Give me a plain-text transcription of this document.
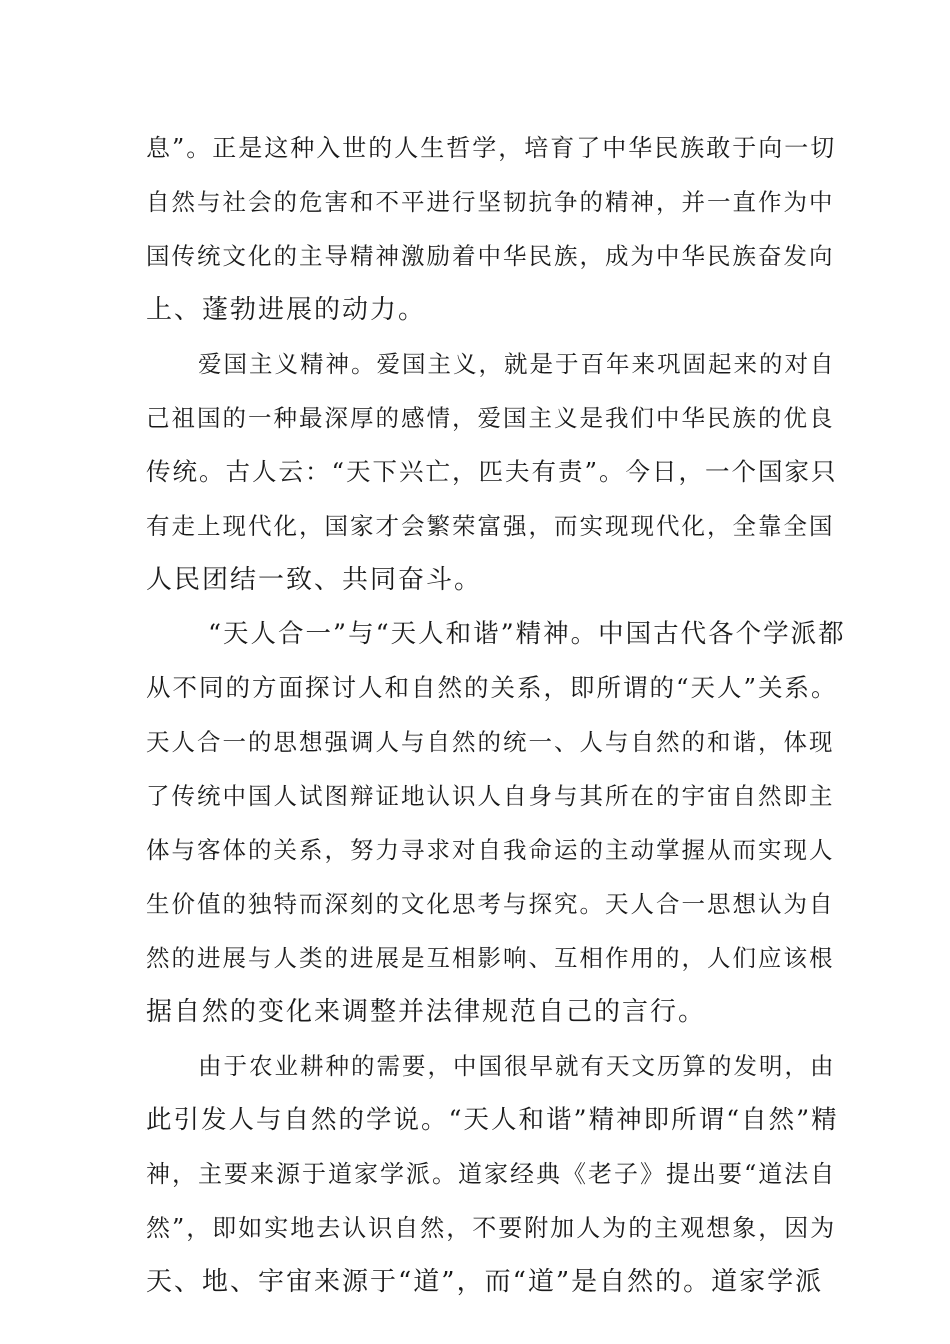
息”。正是这种入世的人生哲学，培育了中华民族敢于向一切
自然与社会的危害和不平进行坚韧抗争的精神，并一直作为中
国传统文化的主导精神激励着中华民族，成为中华民族奋发向
上、蓬勃进展的动力。
爱国主义精神。爱国主义，就是于百年来巩固起来的对自
己祖国的一种最深厚的感情，爱国主义是我们中华民族的优良
传统。古人云：“天下兴亡，匹夫有责”。今日，一个国家只
有走上现代化，国家才会繁荣富强，而实现现代化，全靠全国
人民团结一致、共同奋斗。
“天人合一”与“天人和谐”精神。中国古代各个学派都
从不同的方面探讨人和自然的关系，即所谓的“天人”关系。
天人合一的思想强调人与自然的统一、人与自然的和谐，体现
了传统中国人试图辩证地认识人自身与其所在的宇宙自然即主
体与客体的关系，努力寻求对自我命运的主动掌握从而实现人
生价值的独特而深刻的文化思考与探究。天人合一思想认为自
然的进展与人类的进展是互相影响、互相作用的，人们应该根
据自然的变化来调整并法律规范自己的言行。
由于农业耕种的需要，中国很早就有天文历算的发明，由
此引发人与自然的学说。“天人和谐”精神即所谓“自然”精
神，主要来源于道家学派。道家经典《老子》提出要“道法自
然”，即如实地去认识自然，不要附加人为的主观想象，因为
天、地、宇宙来源于“道”，而“道”是自然的。道家学派
